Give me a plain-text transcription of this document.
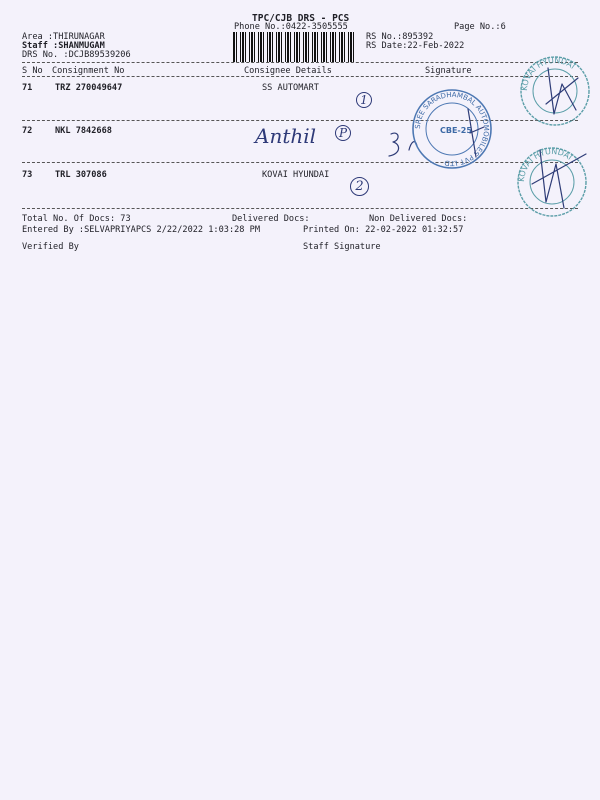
TPC/CJB DRS - PCS
Phone No.:0422-3505555	Page No.:6
Area :THIRUNAGAR
Staff :SHANMUGAM
DRS No. :DCJB89539206
RS No.:895392
RS Date:22-Feb-2022
S No Consignment No	Consignee Details	Signature
71	TRZ 270049647	SS AUTOMART
72	NKL 7842668
73	TRL 307086	KOVAI HYUNDAI
1
Anthil	P
2
SREE SARADHAMBAL AUTOMOBILES PVT LTD
CBE-25
KOVAI HYUNDAI
KOVAI HYUNDAI
Total No. Of Docs: 73	Delivered Docs:	Non Delivered Docs:
Entered By :SELVAPRIYAPCS 2/22/2022 1:03:28 PM	Printed On: 22-02-2022 01:32:57
Verified By	Staff Signature
